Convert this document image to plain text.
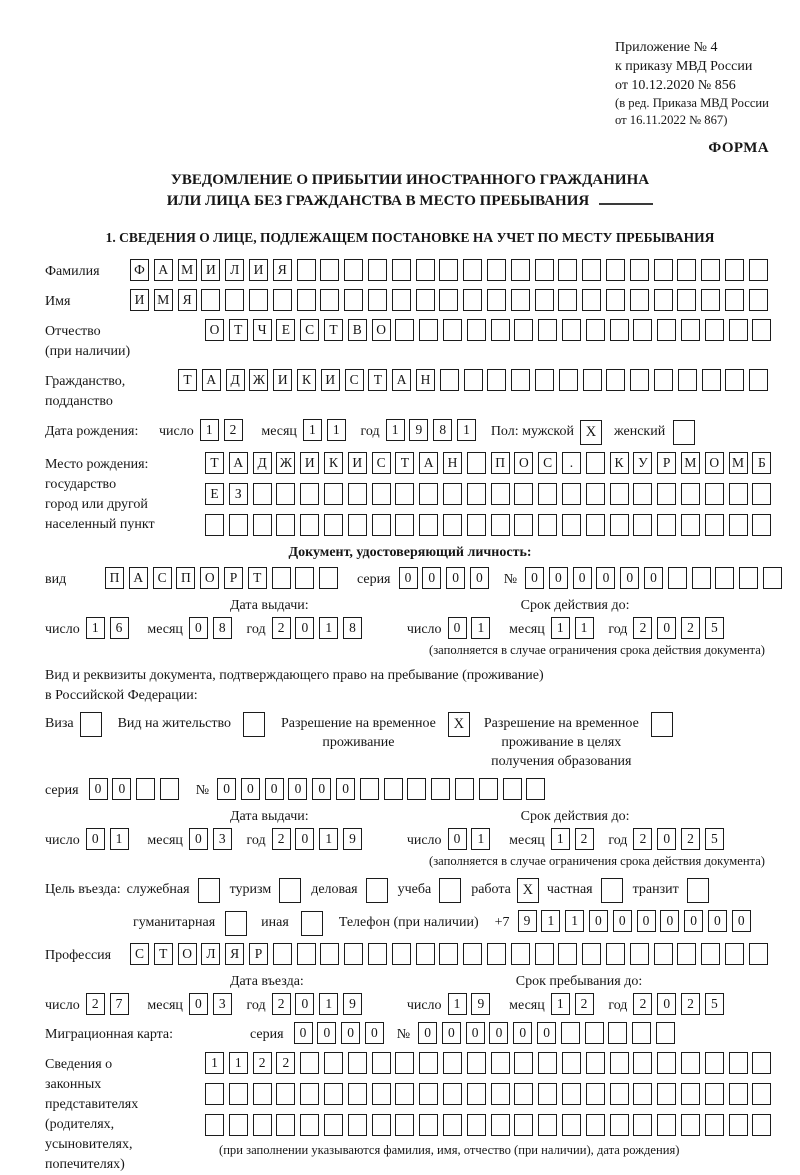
Приложение № 4
к приказу МВД России
от 10.12.2020 № 856
(в ред. Приказа МВД России
от 16.11.2022 № 867)
ФОРМА
УВЕДОМЛЕНИЕ О ПРИБЫТИИ ИНОСТРАННОГО ГРАЖДАНИНА
ИЛИ ЛИЦА БЕЗ ГРАЖДАНСТВА В МЕСТО ПРЕБЫВАНИЯ
1. СВЕДЕНИЯ О ЛИЦЕ, ПОДЛЕЖАЩЕМ ПОСТАНОВКЕ НА УЧЕТ ПО МЕСТУ ПРЕБЫВАНИЯ
Фамилия	Ф	А М И	Л	И	Я
Имя	И М Я
Отчество
(при наличии)
О	Т	Ч	Е	С	Т	В	О
Гражданство,
подданство
Т	А	Д Ж И	К	И	С	Т	А	Н
Дата рождения:	число 1	2	месяц 1	1	год 1	9	8	1	Пол: мужской X	женский
Место рождения:
государство
город или другой
населенный пункт
Т	А	Д Ж И	К	И	С	Т	А	Н	П	О	С	.	К	У	Р	М О М	Б
Е	З
Документ, удостоверяющий личность:
вид	П	А	С	П	О	Р	Т	серия	0	0	0	0	№	0	0	0	0	0	0
Дата выдачи:	Срок действия до:
число 1	6	месяц 0	8	год 2	0	1	8	число 0	1	месяц 1	1	год 2	0	2	5
(заполняется в случае ограничения срока действия документа)
Вид и реквизиты документа, подтверждающего право на пребывание (проживание)
в Российской Федерации:
Виза	Вид на жительство	Разрешение на временное
проживание
X	Разрешение на временное
проживание в целях
получения образования
серия	0	0	№	0	0	0	0	0	0
Дата выдачи:	Срок действия до:
число 0	1	месяц 0	3	год 2	0	1	9	число 0	1	месяц 1	2	год 2	0	2	5
(заполняется в случае ограничения срока действия документа)
Цель въезда: служебная	туризм	деловая	учеба	работа X частная	транзит
гуманитарная	иная	Телефон (при наличии) +7	9	1	1	0	0	0	0	0	0	0
Профессия	С	Т	О	Л	Я	Р
Дата въезда:	Срок пребывания до:
число 2	7	месяц 0	3	год 2	0	1	9	число 1	9	месяц 1	2	год 2	0	2	5
Миграционная карта:	серия	0	0	0	0	№	0	0	0	0	0	0
Сведения о
законных
представителях
(родителях,
усыновителях,
попечителях)
1	1	2	2
(при заполнении указываются фамилия, имя, отчество (при наличии), дата рождения)
